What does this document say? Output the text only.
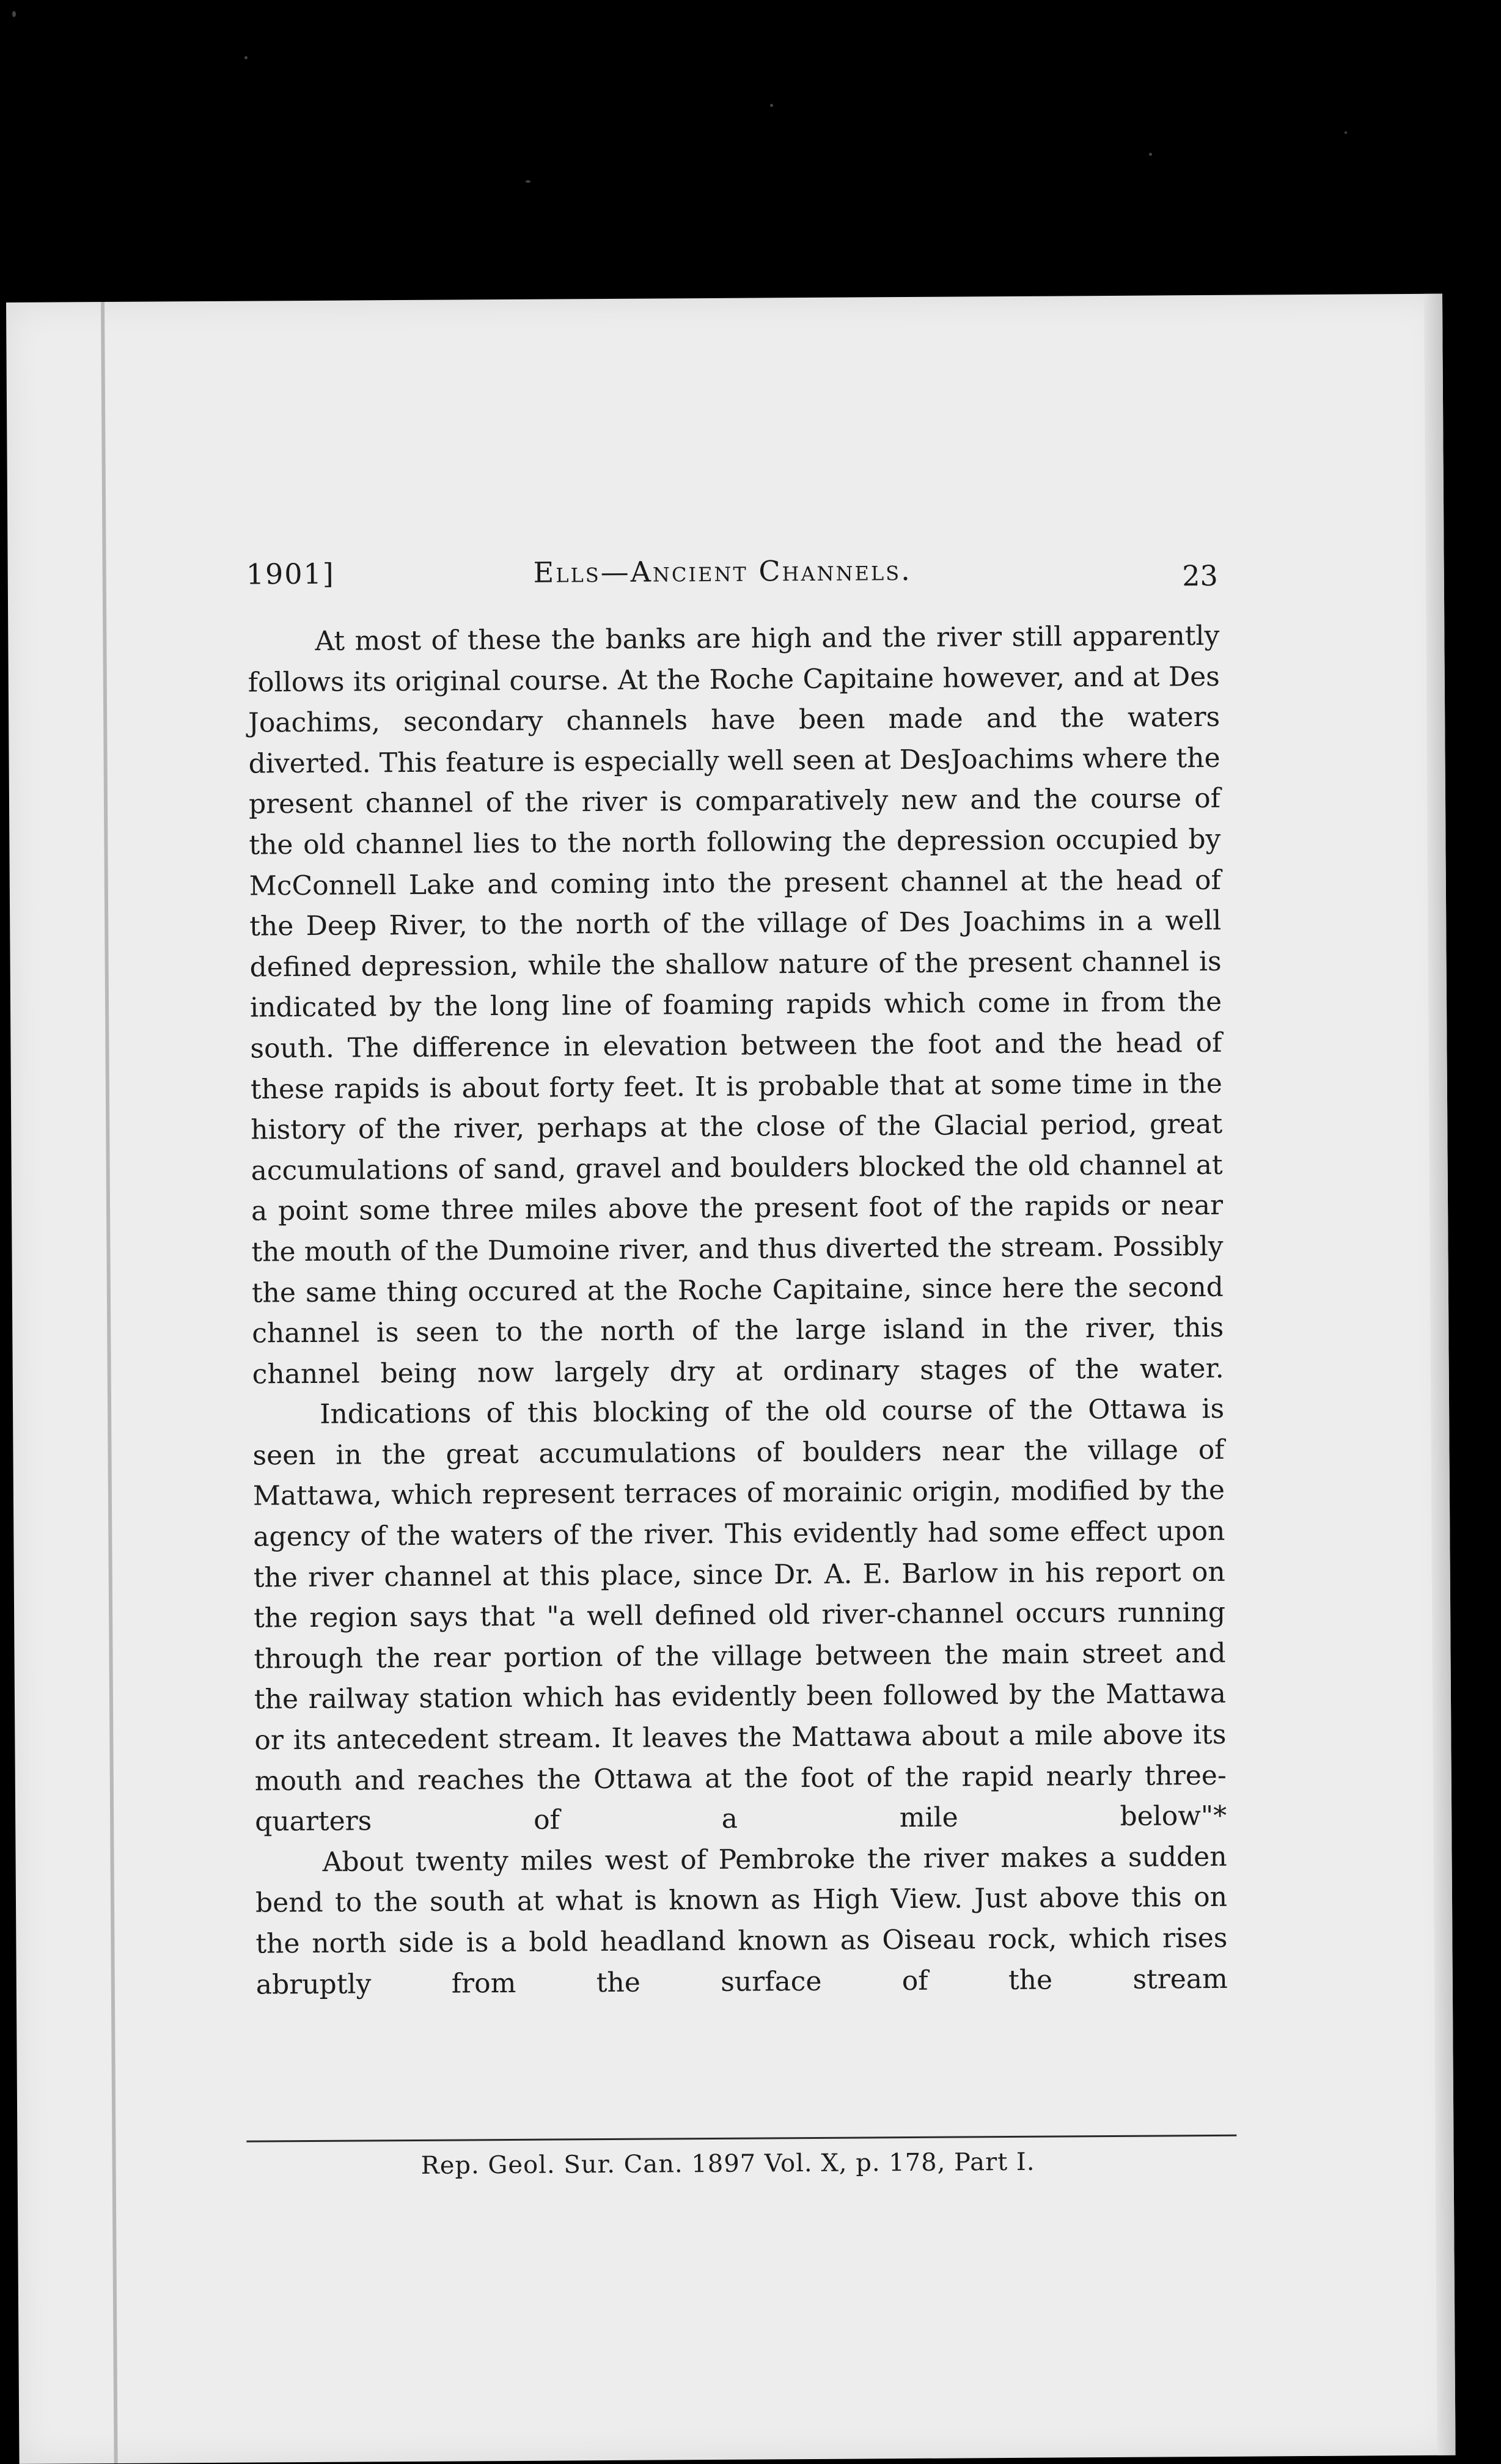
1901]	Ells—Ancient Channels.	23
At most of these the banks are high and the river still apparently follows its original course. At the Roche Capitaine however, and at Des Joachims, secondary channels have been made and the waters diverted. This feature is especially well seen at DesJoachims where the present channel of the river is comparatively new and the course of the old channel lies to the north following the depression occupied by McConnell Lake and coming into the present channel at the head of the Deep River, to the north of the village of Des Joachims in a well defined depression, while the shallow nature of the present channel is indicated by the long line of foaming rapids which come in from the south. The difference in elevation between the foot and the head of these rapids is about forty feet. It is probable that at some time in the history of the river, perhaps at the close of the Glacial period, great accumulations of sand, gravel and boulders blocked the old channel at a point some three miles above the present foot of the rapids or near the mouth of the Dumoine river, and thus diverted the stream. Possibly the same thing occured at the Roche Capitaine, since here the second channel is seen to the north of the large island in the river, this channel being now largely dry at ordinary stages of the water.
Indications of this blocking of the old course of the Ottawa is seen in the great accumulations of boulders near the village of Mattawa, which represent terraces of morainic origin, modified by the agency of the waters of the river. This evidently had some effect upon the river channel at this place, since Dr. A. E. Barlow in his report on the region says that "a well defined old river-channel occurs running through the rear portion of the village between the main street and the railway station which has evidently been followed by the Mattawa or its antecedent stream. It leaves the Mattawa about a mile above its mouth and reaches the Ottawa at the foot of the rapid nearly three-quarters of a mile below"*
About twenty miles west of Pembroke the river makes a sudden bend to the south at what is known as High View. Just above this on the north side is a bold headland known as Oiseau rock, which rises abruptly from the surface of the stream
Rep. Geol. Sur. Can. 1897 Vol. X, p. 178, Part I.
